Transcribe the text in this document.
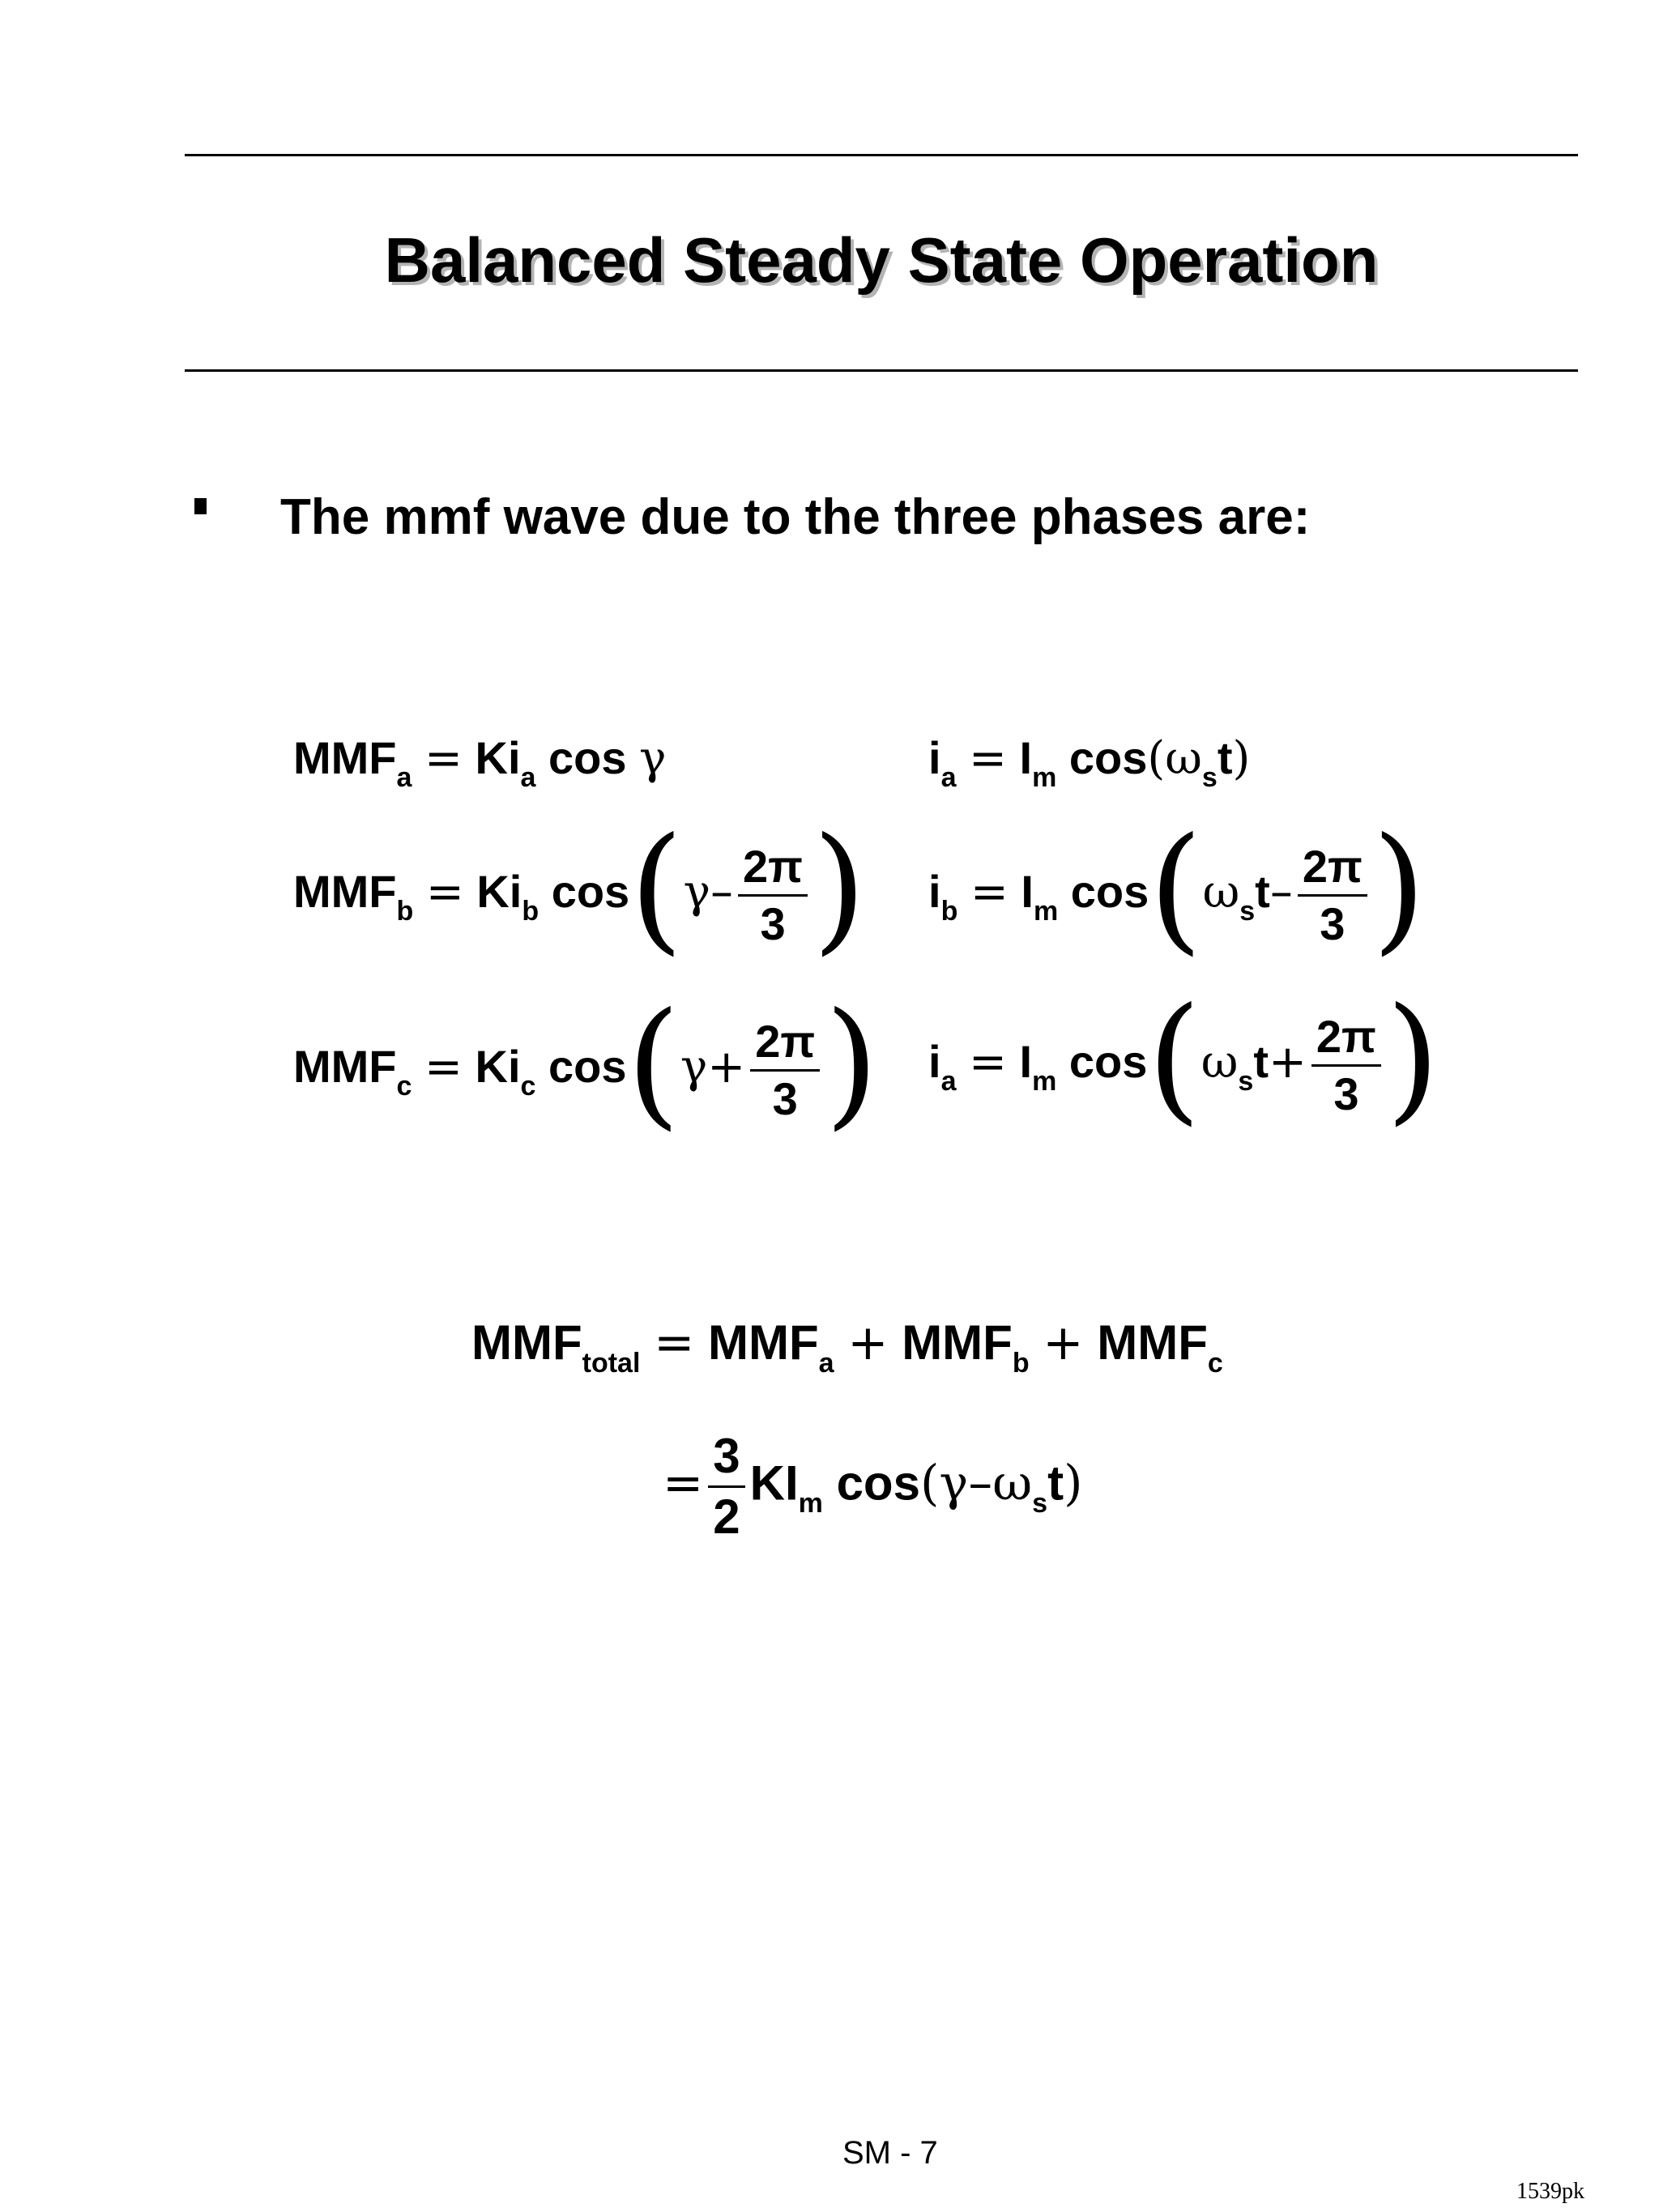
Balanced Steady State Operation
The mmf wave due to the three phases are:
$MMF_a = Ki_a$ cos γ	$i_a = I_m$ $\cos(\omega_st)$
$MMF_b = Ki_b$ $\cos(\gamma- \frac{2\pi}{3}$ ) $i_b = I_m$ $\cos(\omega_st- \frac{2\pi}{3}$ )
$MMF_c = Ki_c$ $\cos(\gamma+ \frac{2\pi}{3}$ ) $i_a = I_m$ $\cos(\omega_st+ \frac{2\pi}{3}$ )
$MMF_{total} = MMF_a + MMF_b + MMF_c$
= $\frac{3}{2} KI_m$ $\cos(\gamma-\omega_st)$
SM - 7
1539pk
